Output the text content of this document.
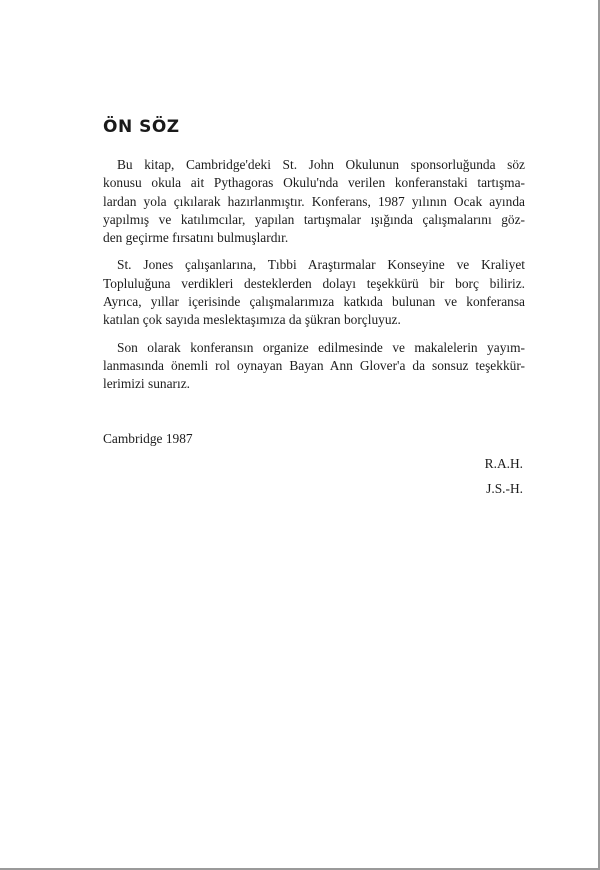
ÖN SÖZ

Bu kitap, Cambridge'deki St. John Okulunun sponsorluğunda söz
konusu okula ait Pythagoras Okulu'nda verilen konferanstaki tartışma-
lardan yola çıkılarak hazırlanmıştır. Konferans, 1987 yılının Ocak ayında
yapılmış ve katılımcılar, yapılan tartışmalar ışığında çalışmalarını göz-
den geçirme fırsatını bulmuşlardır.

St. Jones çalışanlarına, Tıbbi Araştırmalar Konseyine ve Kraliyet
Topluluğuna verdikleri desteklerden dolayı teşekkürü bir borç biliriz.
Ayrıca, yıllar içerisinde çalışmalarımıza katkıda bulunan ve konferansa
katılan çok sayıda meslektaşımıza da şükran borçluyuz.

Son olarak konferansın organize edilmesinde ve makalelerin yayım-
lanmasında önemli rol oynayan Bayan Ann Glover'a da sonsuz teşekkür-
lerimizi sunarız.

Cambridge 1987

R.A.H.

J.S.-H.
